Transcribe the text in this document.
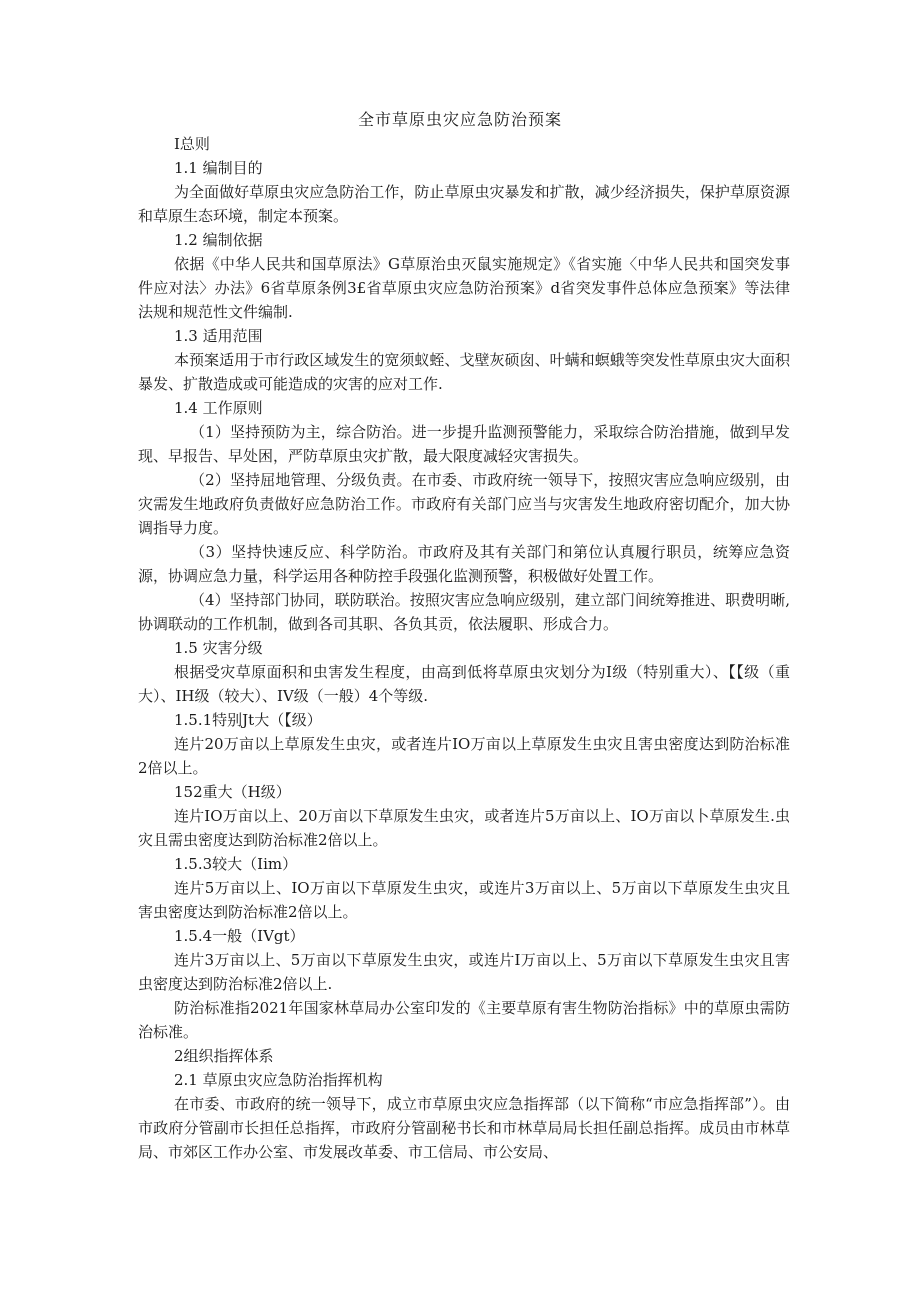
全市草原虫灾应急防治预案

I总则

1.1 编制目的

为全面做好草原虫灾应急防治工作，防止草原虫灾暴发和扩散，减少经济损失，保护草原资源和草原生态环境，制定本预案。

1.2 编制依据

依据《中华人民共和国草原法》G草原治虫灭鼠实施规定》《省实施〈中华人民共和国突发事件应对法〉办法》6省草原条例3£省草原虫灾应急防治预案》d省突发事件总体应急预案》等法律法规和规范性文件编制.

1.3 适用范围

本预案适用于市行政区域发生的宽须蚁蛭、戈壁灰硕囱、叶螨和螟蛾等突发性草原虫灾大面积暴发、扩散造成或可能造成的灾害的应对工作.

1.4 工作原则

（1）坚持预防为主，综合防治。进一步提升监测预警能力，采取综合防治措施，做到早发现、早报告、早处困，严防草原虫灾扩散，最大限度减轻灾害损失。

（2）坚持屈地管理、分级负责。在市委、市政府统一领导下，按照灾害应急响应级别，由灾需发生地政府负责做好应急防治工作。市政府有关部门应当与灾害发生地政府密切配介，加大协调指导力度。

（3）坚持快速反应、科学防治。市政府及其有关部门和第位认真履行职员，统筹应急资源，协调应急力量，科学运用各种防控手段强化监测预警，积极做好处置工作。

（4）坚持部门协同，联防联治。按照灾害应急响应级别，建立部门间统筹推进、职费明晰,协调联动的工作机制，做到各司其职、各负其贡，依法履职、形成合力。

1.5 灾害分级

根据受灾草原面积和虫害发生程度，由高到低将草原虫灾划分为I级（特别重大）、【【级（重大）、IH级（较大）、IV级（一般）4个等级.

1.5.1特别Jt大（【级）

连片20万亩以上草原发生虫灾，或者连片IO万亩以上草原发生虫灾且害虫密度达到防治标准2倍以上。

152重大（H级）

连片IO万亩以上、20万亩以下草原发生虫灾，或者连片5万亩以上、IO万亩以卜草原发生.虫灾且需虫密度达到防治标准2倍以上。

1.5.3较大（Iim）

连片5万亩以上、IO万亩以下草原发生虫灾，或连片3万亩以上、5万亩以下草原发生虫灾且害虫密度达到防治标准2倍以上。

1.5.4一般（IVgt）

连片3万亩以上、5万亩以下草原发生虫灾，或连片I万亩以上、5万亩以下草原发生虫灾且害虫密度达到防治标准2倍以上.

防治标准指2021年国家林草局办公室印发的《主要草原有害生物防治指标》中的草原虫需防治标准。

2组织指挥体系

2.1 草原虫灾应急防治指挥机构

在市委、市政府的统一领导下，成立市草原虫灾应急指挥部（以下简称“市应急指挥部”）。由市政府分管副市长担任总指挥，市政府分管副秘书长和市林草局局长担任副总指挥。成员由市林草局、市郊区工作办公室、市发展改革委、市工信局、市公安局、
